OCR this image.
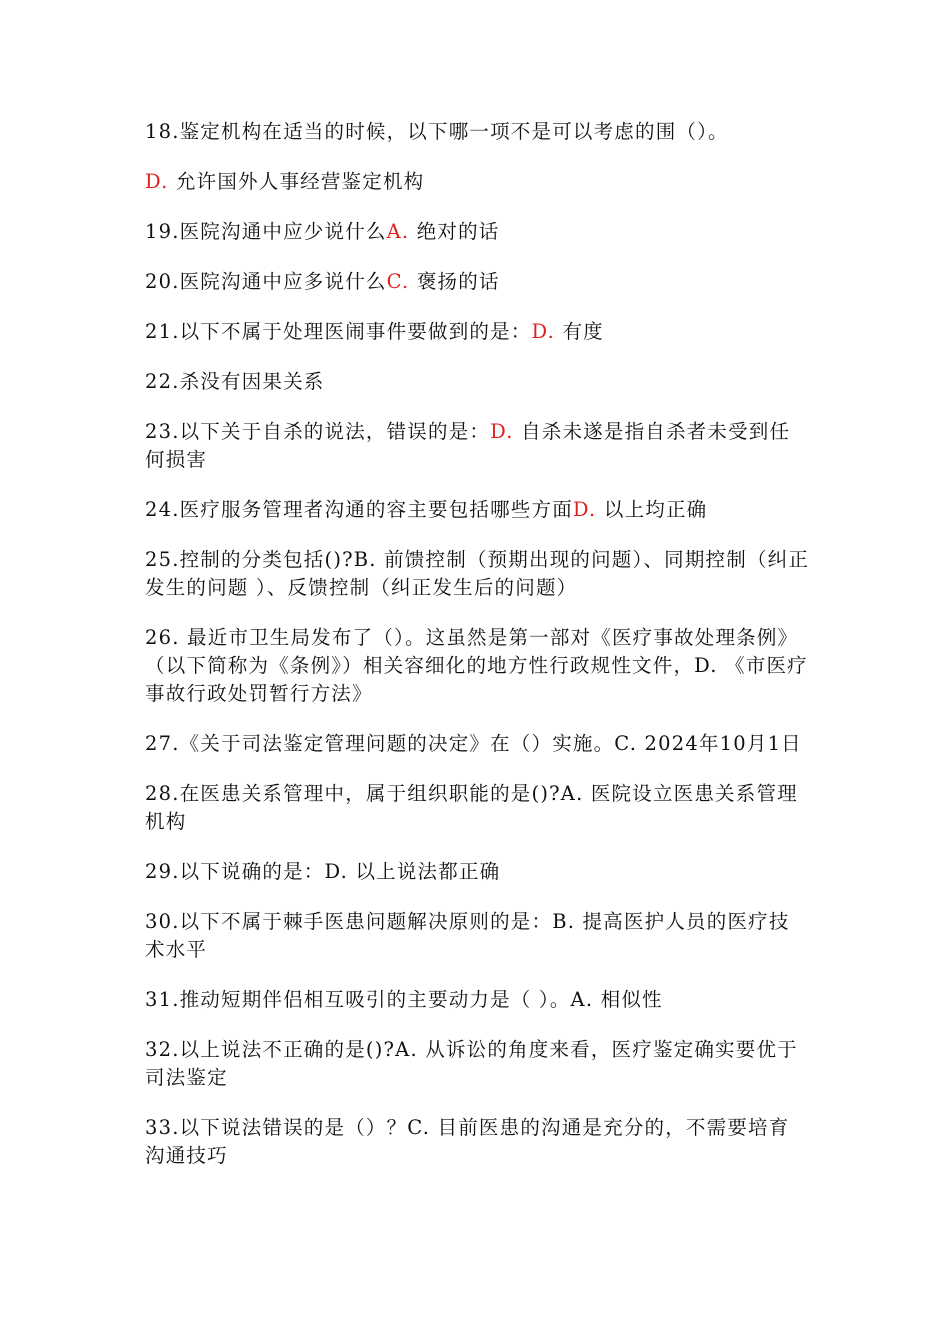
18.鉴定机构在适当的时候，以下哪一项不是可以考虑的围（）。

D. 允许国外人事经营鉴定机构

19.医院沟通中应少说什么A. 绝对的话

20.医院沟通中应多说什么C. 褒扬的话

21.以下不属于处理医闹事件要做到的是：D. 有度

22.杀没有因果关系

23.以下关于自杀的说法，错误的是：D. 自杀未遂是指自杀者未受到任何损害

24.医疗服务管理者沟通的容主要包括哪些方面D. 以上均正确

25.控制的分类包括()?B. 前馈控制（预期出现的问题）、同期控制（纠正发生的问题 ）、反馈控制（纠正发生后的问题）

26. 最近市卫生局发布了（）。这虽然是第一部对《医疗事故处理条例》（以下简称为《条例》）相关容细化的地方性行政规性文件，D. 《市医疗事故行政处罚暂行方法》

27.《关于司法鉴定管理问题的决定》在（）实施。C. 2024年10月1日

28.在医患关系管理中，属于组织职能的是()?A. 医院设立医患关系管理机构

29.以下说确的是：D. 以上说法都正确

30.以下不属于棘手医患问题解决原则的是：B. 提高医护人员的医疗技术水平

31.推动短期伴侣相互吸引的主要动力是（ ）。A. 相似性

32.以上说法不正确的是()?A. 从诉讼的角度来看，医疗鉴定确实要优于司法鉴定

33.以下说法错误的是（）？C. 目前医患的沟通是充分的，不需要培育沟通技巧
